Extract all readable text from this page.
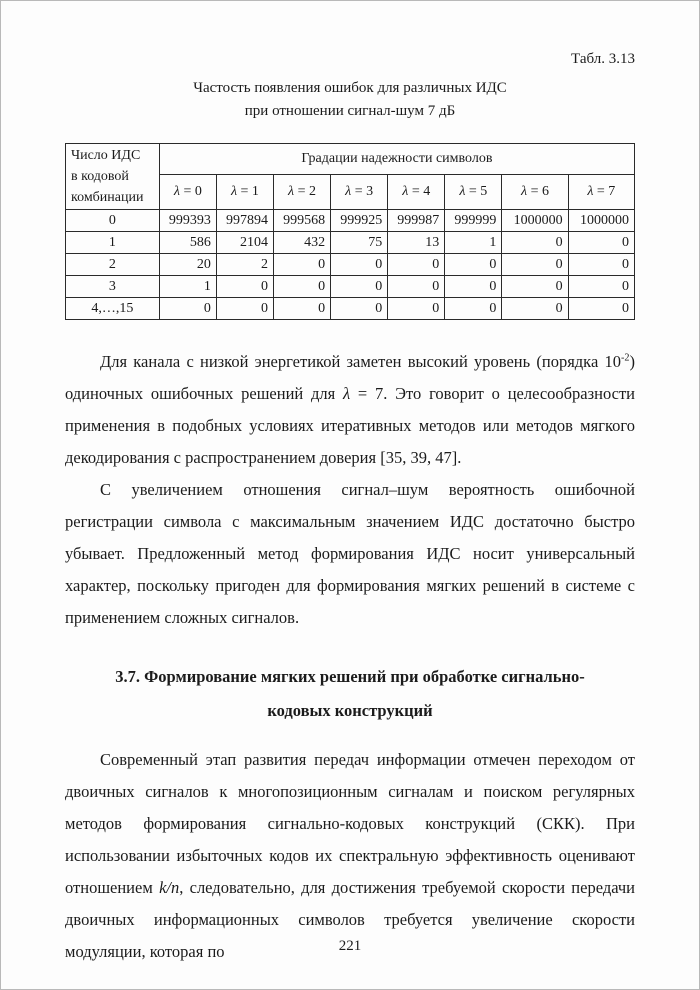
Табл. 3.13
Частость появления ошибок для различных ИДС
при отношении сигнал-шум 7 дБ
Число ИДС
в кодовой
комбинации	Градации надежности символов							
	λ = 0	λ = 1	λ = 2	λ = 3	λ = 4	λ = 5	λ = 6	λ = 7
0	999393	997894	999568	999925	999987	999999	1000000	1000000
1	586	2104	432	75	13	1	0	0
2	20	2	0	0	0	0	0	0
3	1	0	0	0	0	0	0	0
4,…,15	0	0	0	0	0	0	0	0

Для канала с низкой энергетикой заметен высокий уровень (порядка $10^{-2}$) одиночных ошибочных решений для λ = 7. Это говорит о целесообразности применения в подобных условиях итеративных методов или методов мягкого декодирования с распространением доверия [35, 39, 47].

С увеличением отношения сигнал–шум вероятность ошибочной регистрации символа с максимальным значением ИДС достаточно быстро убывает. Предложенный метод формирования ИДС носит универсальный характер, поскольку пригоден для формирования мягких решений в системе с применением сложных сигналов.

3.7. Формирование мягких решений при обработке сигнально-
кодовых конструкций

Современный этап развития передач информации отмечен переходом от двоичных сигналов к многопозиционным сигналам и поиском регулярных методов формирования сигнально-кодовых конструкций (СКК). При использовании избыточных кодов их спектральную эффективность оценивают отношением k/n, следовательно, для достижения требуемой скорости передачи двоичных информационных символов требуется увеличение скорости модуляции, которая по	221
